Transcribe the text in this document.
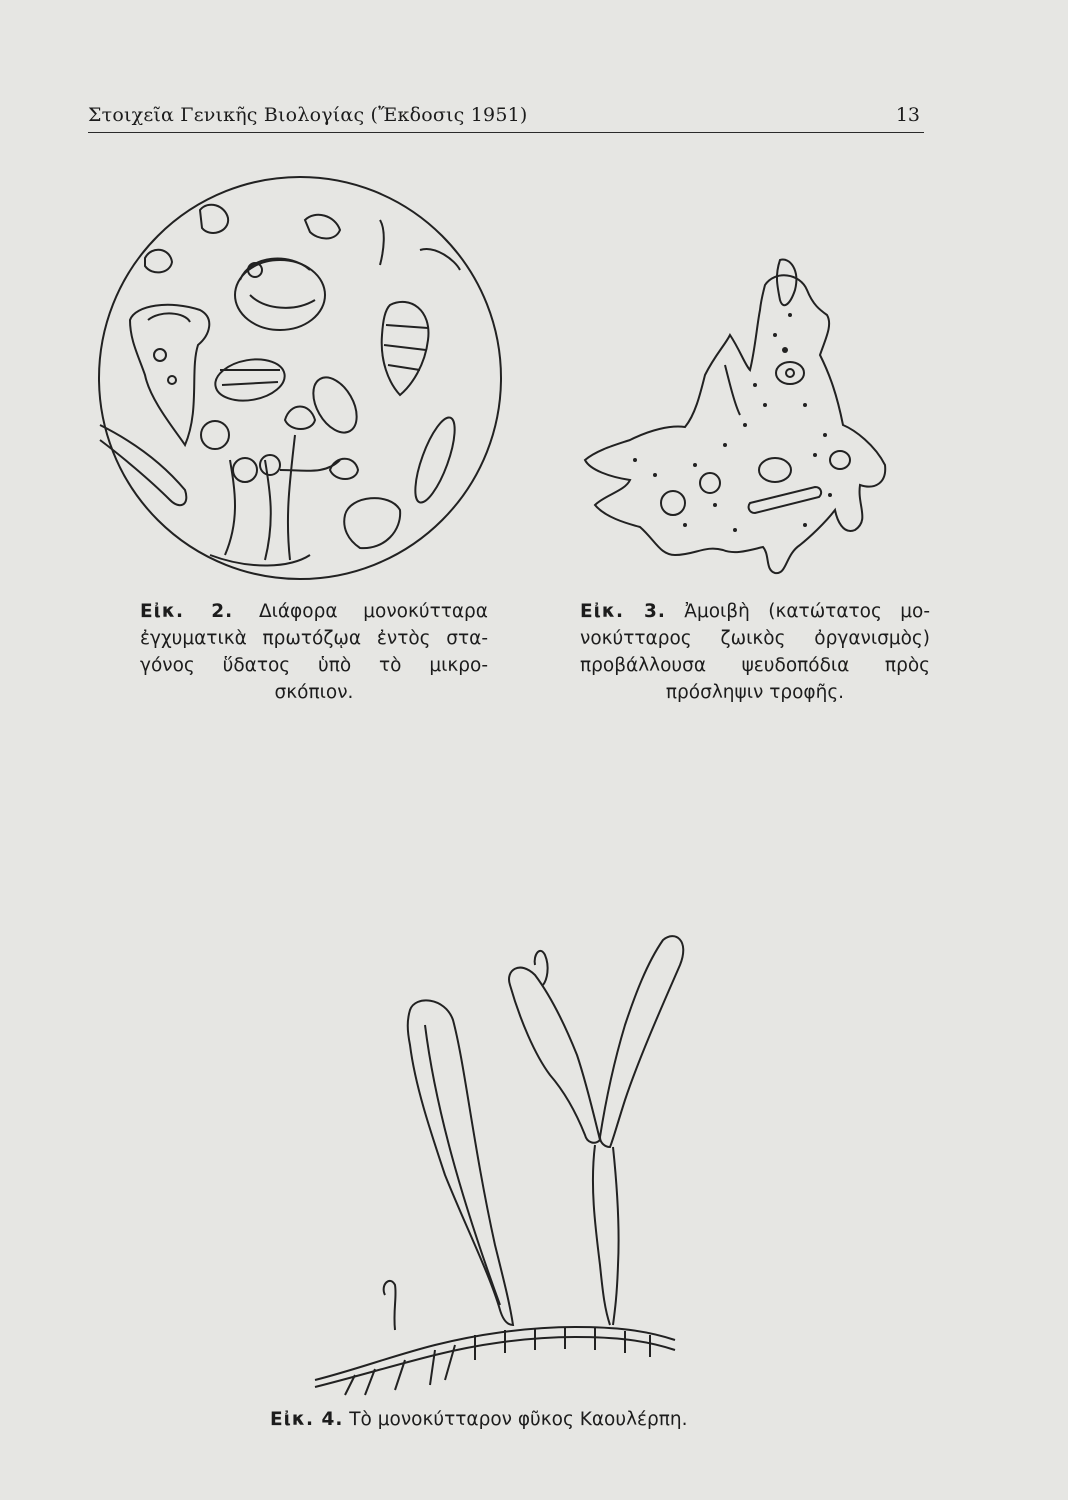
Στοιχεῖα Γενικῆς Βιολογίας (Ἔκδοσις 1951)	13
Εἰκ. 2. Διάφορα μονοκύτταρα
ἐγχυματικὰ πρωτόζῳα ἐντὸς στα-
γόνος ὕδατος ὑπὸ τὸ μικρο-
σκόπιον.
Εἰκ. 3. Ἀμοιβὴ (κατώτατος μο-
νοκύτταρος ζωικὸς ὀργανισμὸς)
προβάλλουσα ψευδοπόδια πρὸς
πρόσληψιν τροφῆς.
Εἰκ. 4. Τὸ μονοκύτταρον φῦκος Καουλέρπη.
